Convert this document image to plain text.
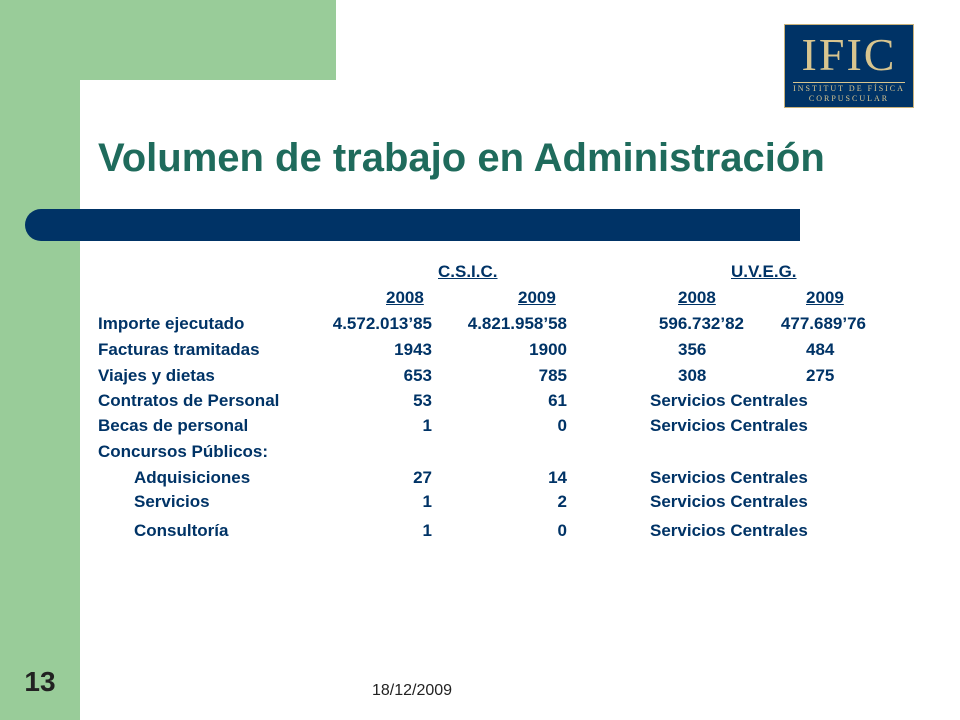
IFIC
INSTITUT DE FÍSICA
CORPUSCULAR
Volumen de trabajo en Administración
C.S.I.C.	U.V.E.G.
2008	2009	2008	2009
Importe ejecutado	4.572.013’85 4.821.958’58	596.732’82 477.689’76
Facturas tramitadas	1943	1900	356	484
Viajes y dietas	653	785	308	275
Contratos de Personal	53	61	Servicios Centrales
Becas de personal	1	0	Servicios Centrales
Concursos Públicos:
Adquisiciones	27	14	Servicios Centrales
Servicios	1	2	Servicios Centrales
Consultoría	1	0	Servicios Centrales
13	18/12/2009
